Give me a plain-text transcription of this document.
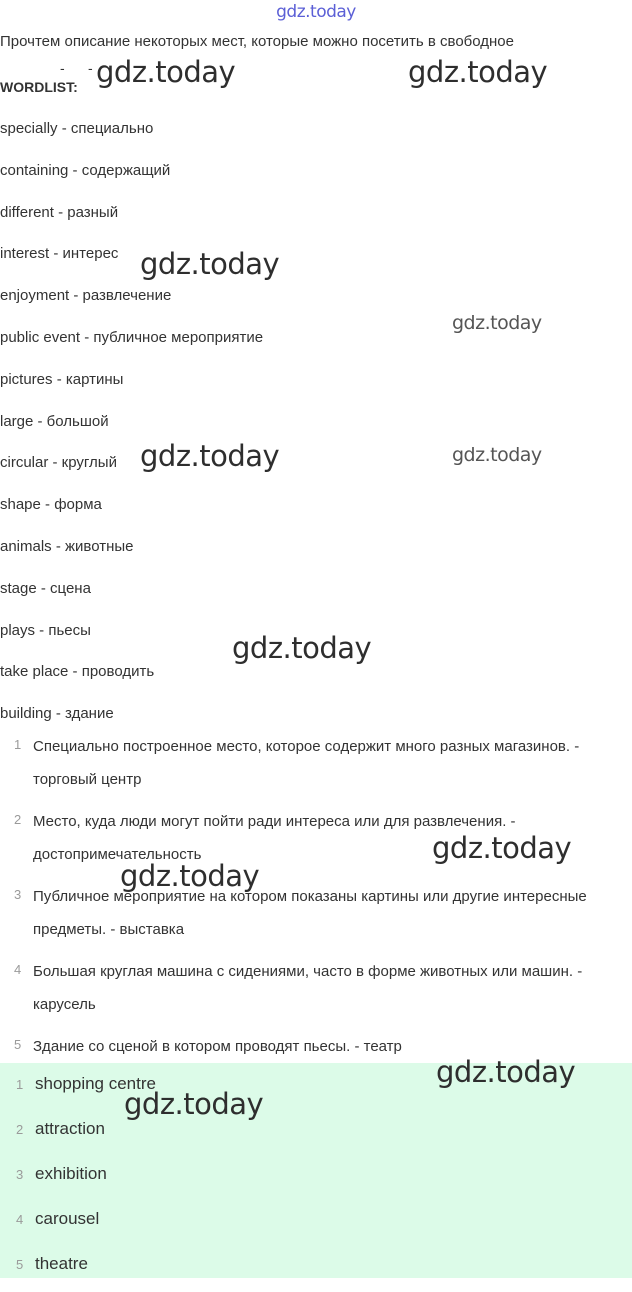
gdz.today
Прочтем описание некоторых мест, которые можно посетить в свободное
- -
WORDLIST:
specially - специально
containing - содержащий
different - разный
interest - интерес
enjoyment - развлечение
public event - публичное мероприятие
pictures - картины
large - большой
circular - круглый
shape - форма
animals - животные
stage - сцена
plays - пьесы
take place - проводить
building - здание
1 Специально построенное место, которое содержит много разных магазинов. - торговый центр
2 Место, куда люди могут пойти ради интереса или для развлечения. - достопримечательность
3 Публичное мероприятие на котором показаны картины или другие интересные предметы. - выставка
4 Большая круглая машина с сидениями, часто в форме животных или машин. - карусель
5 Здание со сценой в котором проводят пьесы. - театр
1 shopping centre
2 attraction
3 exhibition
4 carousel
5 theatre
gdz.today	gdz.today
gdz.today
gdz.today
gdz.today	gdz.today
gdz.today
gdz.today
gdz.today
gdz.today
gdz.today
